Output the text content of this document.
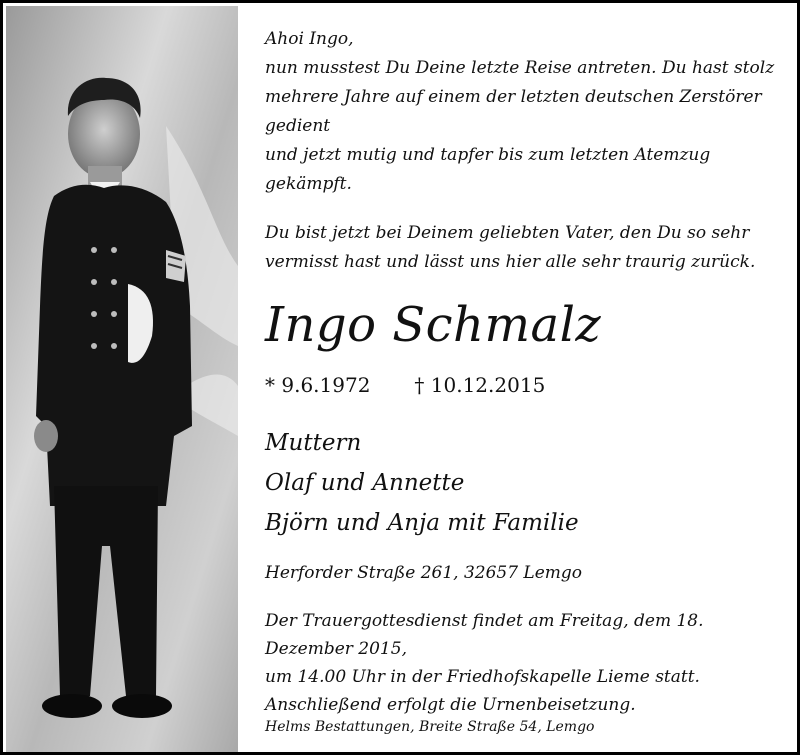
Ahoi Ingo,
nun musstest Du Deine letzte Reise antreten. Du hast stolz
mehrere Jahre auf einem der letzten deutschen Zerstörer gedient
und jetzt mutig und tapfer bis zum letzten Atemzug gekämpft.
Du bist jetzt bei Deinem geliebten Vater, den Du so sehr
vermisst hast und lässt uns hier alle sehr traurig zurück.
Ingo Schmalz
* 9.6.1972 † 10.12.2015
Muttern
Olaf und Annette
Björn und Anja mit Familie
Herforder Straße 261, 32657 Lemgo
Der Trauergottesdienst findet am Freitag, dem 18. Dezember 2015,
um 14.00 Uhr in der Friedhofskapelle Lieme statt.
Anschließend erfolgt die Urnenbeisetzung.
Helms Bestattungen, Breite Straße 54, Lemgo
